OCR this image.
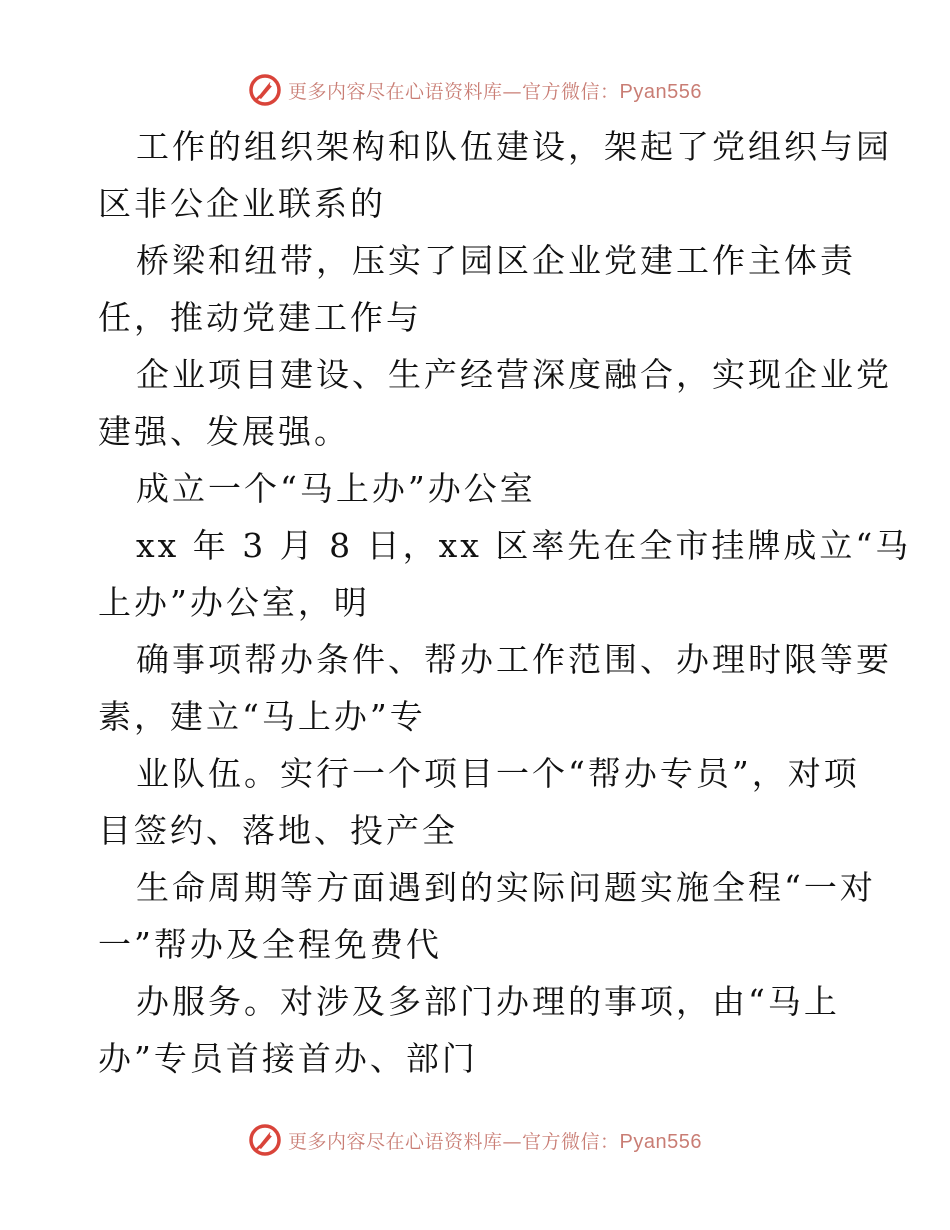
更多内容尽在心语资料库—官方微信：Pyan556
工作的组织架构和队伍建设，架起了党组织与园
区非公企业联系的
桥梁和纽带，压实了园区企业党建工作主体责
任，推动党建工作与
企业项目建设、生产经营深度融合，实现企业党
建强、发展强。
成立一个“马上办”办公室
xx 年 3 月 8 日，xx 区率先在全市挂牌成立“马
上办”办公室，明
确事项帮办条件、帮办工作范围、办理时限等要
素，建立“马上办”专
业队伍。实行一个项目一个“帮办专员”，对项
目签约、落地、投产全
生命周期等方面遇到的实际问题实施全程“一对
一”帮办及全程免费代
办服务。对涉及多部门办理的事项，由“马上
办”专员首接首办、部门
更多内容尽在心语资料库—官方微信：Pyan556
